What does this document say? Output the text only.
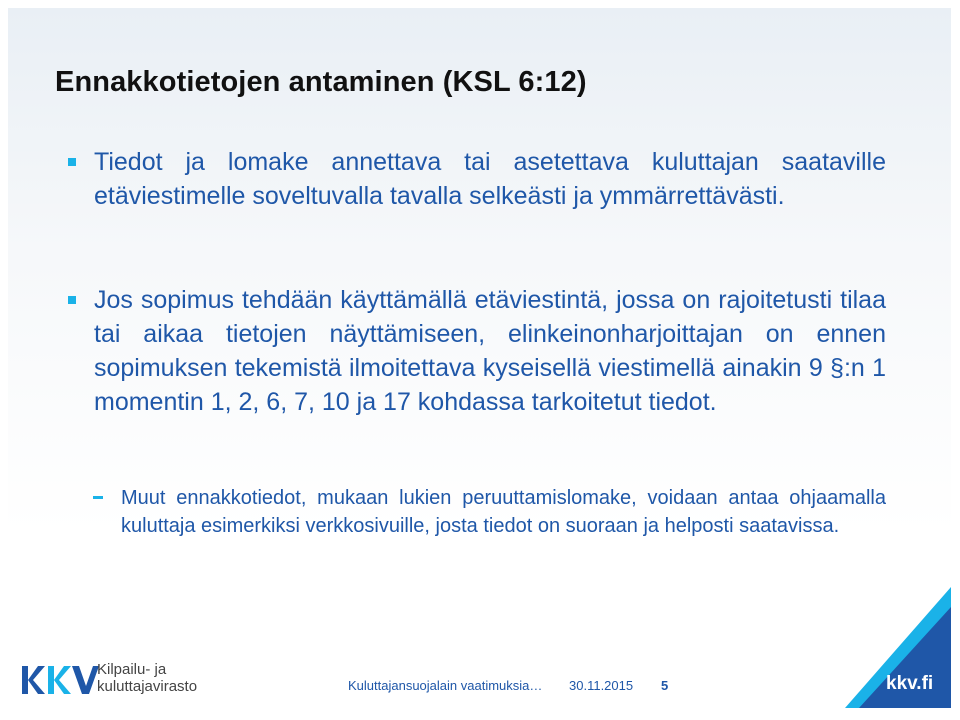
Ennakkotietojen antaminen (KSL 6:12)
Tiedot ja lomake annettava tai asetettava kuluttajan saataville etäviestimelle soveltuvalla tavalla selkeästi ja ymmärrettävästi.
Jos sopimus tehdään käyttämällä etäviestintä, jossa on rajoitetusti tilaa tai aikaa tietojen näyttämiseen, elinkeinonharjoittajan on ennen sopimuksen tekemistä ilmoitettava kyseisellä viestimellä ainakin 9 §:n 1 momentin 1, 2, 6, 7, 10 ja 17 kohdassa tarkoitetut tiedot.
Muut ennakkotiedot, mukaan lukien peruuttamislomake, voidaan antaa ohjaamalla kuluttaja esimerkiksi verkkosivuille, josta tiedot on suoraan ja helposti saatavissa.
Kilpailu- ja
kuluttajavirasto	Kuluttajansuojalain vaatimuksia… 30.11.2015 5	kkv.fi
